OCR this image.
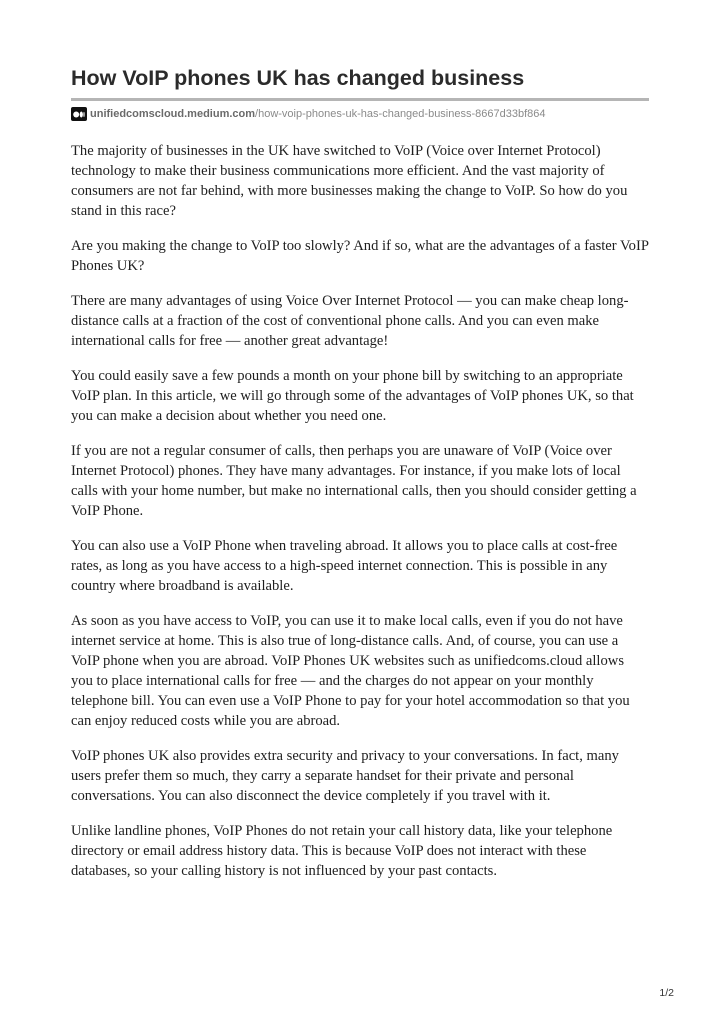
How VoIP phones UK has changed business
unifiedcomscloud.medium.com /how-voip-phones-uk-has-changed-business-8667d33bf864

The majority of businesses in the UK have switched to VoIP (Voice over Internet Protocol) technology to make their business communications more efficient. And the vast majority of consumers are not far behind, with more businesses making the change to VoIP. So how do you stand in this race?

Are you making the change to VoIP too slowly? And if so, what are the advantages of a faster VoIP Phones UK?

There are many advantages of using Voice Over Internet Protocol — you can make cheap long-distance calls at a fraction of the cost of conventional phone calls. And you can even make international calls for free — another great advantage!

You could easily save a few pounds a month on your phone bill by switching to an appropriate VoIP plan. In this article, we will go through some of the advantages of VoIP phones UK, so that you can make a decision about whether you need one.

If you are not a regular consumer of calls, then perhaps you are unaware of VoIP (Voice over Internet Protocol) phones. They have many advantages. For instance, if you make lots of local calls with your home number, but make no international calls, then you should consider getting a VoIP Phone.

You can also use a VoIP Phone when traveling abroad. It allows you to place calls at cost-free rates, as long as you have access to a high-speed internet connection. This is possible in any country where broadband is available.

As soon as you have access to VoIP, you can use it to make local calls, even if you do not have internet service at home. This is also true of long-distance calls. And, of course, you can use a VoIP phone when you are abroad. VoIP Phones UK websites such as unifiedcoms.cloud allows you to place international calls for free — and the charges do not appear on your monthly telephone bill. You can even use a VoIP Phone to pay for your hotel accommodation so that you can enjoy reduced costs while you are abroad.

VoIP phones UK also provides extra security and privacy to your conversations. In fact, many users prefer them so much, they carry a separate handset for their private and personal conversations. You can also disconnect the device completely if you travel with it.

Unlike landline phones, VoIP Phones do not retain your call history data, like your telephone directory or email address history data. This is because VoIP does not interact with these databases, so your calling history is not influenced by your past contacts.

1/2
